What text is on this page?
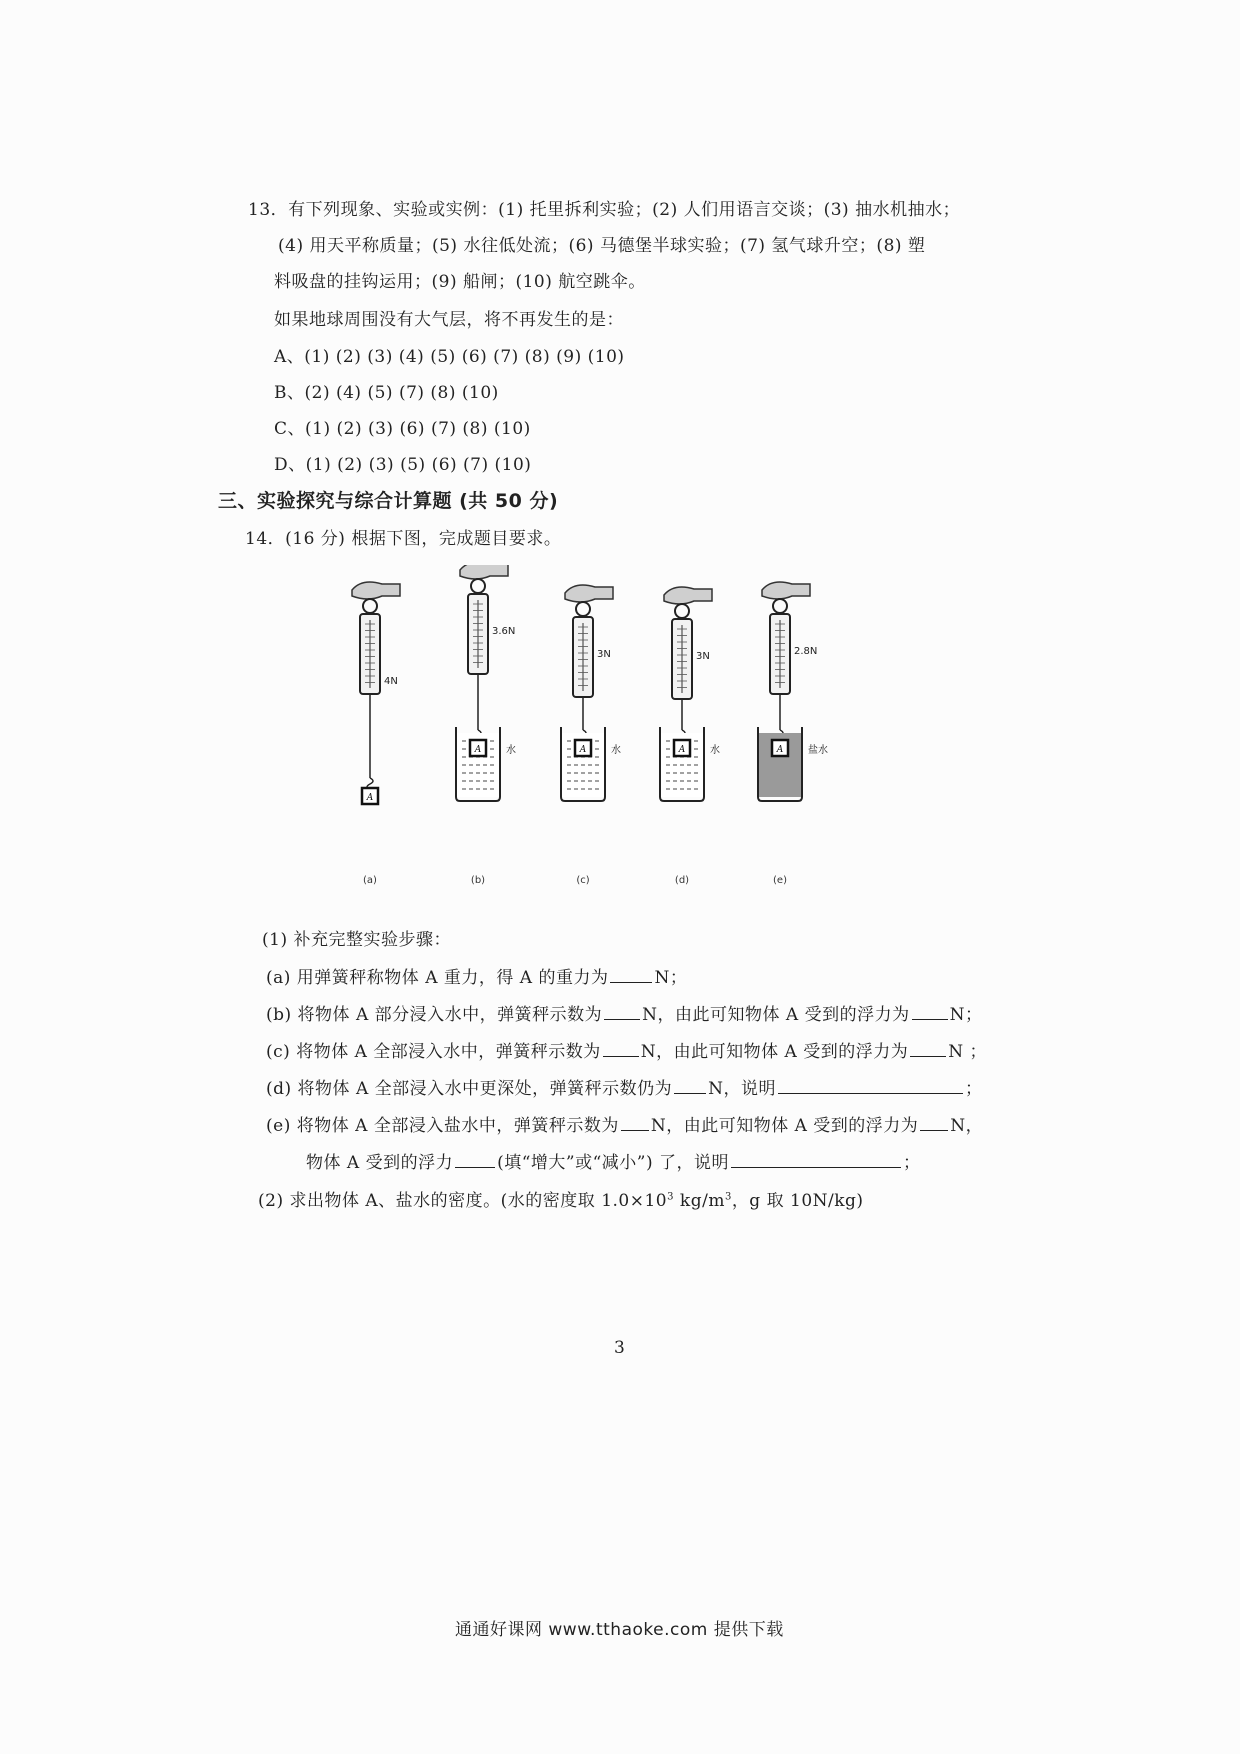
13．有下列现象、实验或实例：(1) 托里拆利实验；(2) 人们用语言交谈；(3) 抽水机抽水；
(4) 用天平称质量；(5) 水往低处流；(6) 马德堡半球实验；(7) 氢气球升空；(8) 塑
料吸盘的挂钩运用；(9) 船闸；(10) 航空跳伞。
如果地球周围没有大气层，将不再发生的是：
A、(1) (2) (3) (4) (5) (6) (7) (8) (9) (10)
B、(2) (4) (5) (7) (8) (10)
C、(1) (2) (3) (6) (7) (8) (10)
D、(1) (2) (3) (5) (6) (7) (10)
三、实验探究与综合计算题 (共 50 分)
14．(16 分) 根据下图，完成题目要求。
4N
A
(a)
3.6N
水
A
(b)
3N
水
A
(c)
3N
水
A
(d)
2.8N
盐水
A
(e)
(1) 补充完整实验步骤：
(a) 用弹簧秤称物体 A 重力，得 A 的重力为	N；
(b) 将物体 A 部分浸入水中，弹簧秤示数为 N，由此可知物体 A 受到的浮力为 N；
(c) 将物体 A 全部浸入水中，弹簧秤示数为 N，由此可知物体 A 受到的浮力为 N ；
(d) 将物体 A 全部浸入水中更深处，弹簧秤示数仍为 N，说明	；
(e) 将物体 A 全部浸入盐水中，弹簧秤示数为 N，由此可知物体 A 受到的浮力为 N，
物体 A 受到的浮力	(填“增大”或“减小”) 了，说明	；
(2) 求出物体 A、盐水的密度。(水的密度取 $1.0\times 10^3$ $kg/m^3$，g 取 10N/kg)
3
通通好课网 www.tthaoke.com 提供下载
